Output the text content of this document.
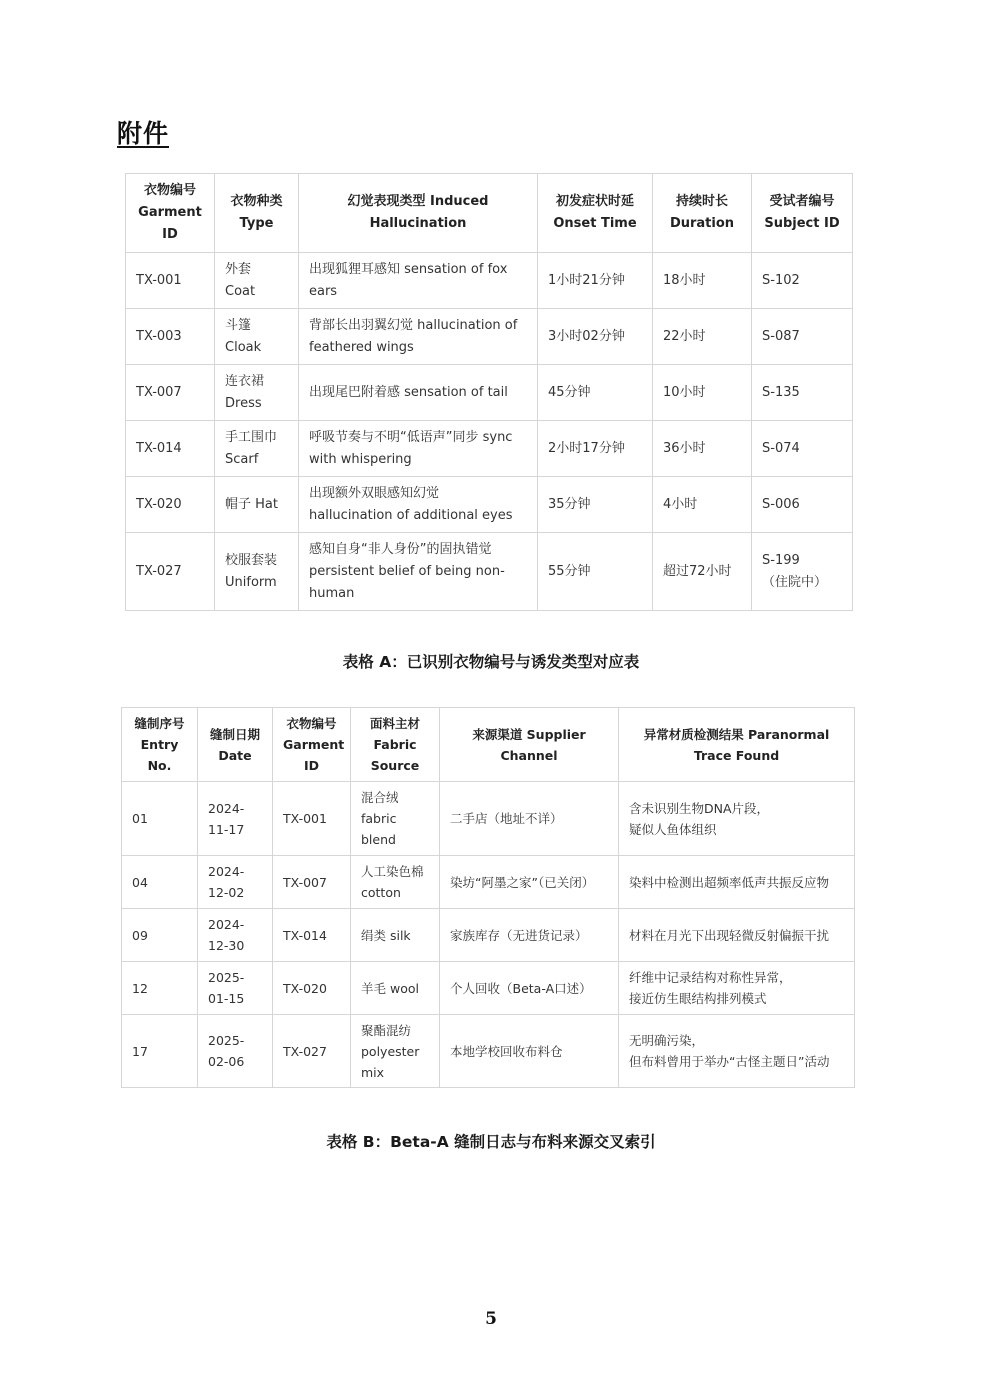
附件
衣物编号
Garment
ID	衣物种类
Type	幻觉表现类型 Induced
Hallucination	初发症状时延
Onset Time	持续时长
Duration	受试者编号
Subject ID

TX-001	外套
Coat	出现狐狸耳感知 sensation of fox
ears	1小时21分钟	18小时	S-102

TX-003	斗篷
Cloak	背部长出羽翼幻觉 hallucination of
feathered wings	3小时02分钟	22小时	S-087

TX-007	连衣裙
Dress	出现尾巴附着感 sensation of tail	45分钟	10小时	S-135

TX-014	手工围巾
Scarf	呼吸节奏与不明“低语声”同步 sync
with whispering	2小时17分钟	36小时	S-074

TX-020	帽子 Hat	出现额外双眼感知幻觉
hallucination of additional eyes	35分钟	4小时	S-006

TX-027	校服套装
Uniform	感知自身“非人身份”的固执错觉
persistent belief of being non-
human	55分钟	超过72小时	S-199
（住院中）
表格 A：已识别衣物编号与诱发类型对应表
缝制序号
Entry
No.	缝制日期
Date	衣物编号
Garment
ID	面料主材
Fabric
Source	来源渠道 Supplier
Channel	异常材质检测结果 Paranormal
Trace Found

01	2024-
11-17	TX-001	混合绒
fabric
blend	二手店（地址不详）	含未识别生物DNA片段，
疑似人鱼体组织

04	2024-
12-02	TX-007	人工染色棉
cotton	染坊“阿墨之家”（已关闭）	染料中检测出超频率低声共振反应物

09	2024-
12-30	TX-014	绢类 silk	家族库存（无进货记录）	材料在月光下出现轻微反射偏振干扰

12	2025-
01-15	TX-020	羊毛 wool	个人回收（Beta-A口述）	纤维中记录结构对称性异常，
接近仿生眼结构排列模式

17	2025-
02-06	TX-027	聚酯混纺
polyester
mix	本地学校回收布料仓	无明确污染，
但布料曾用于举办“古怪主题日”活动
表格 B：Beta-A 缝制日志与布料来源交叉索引
5
